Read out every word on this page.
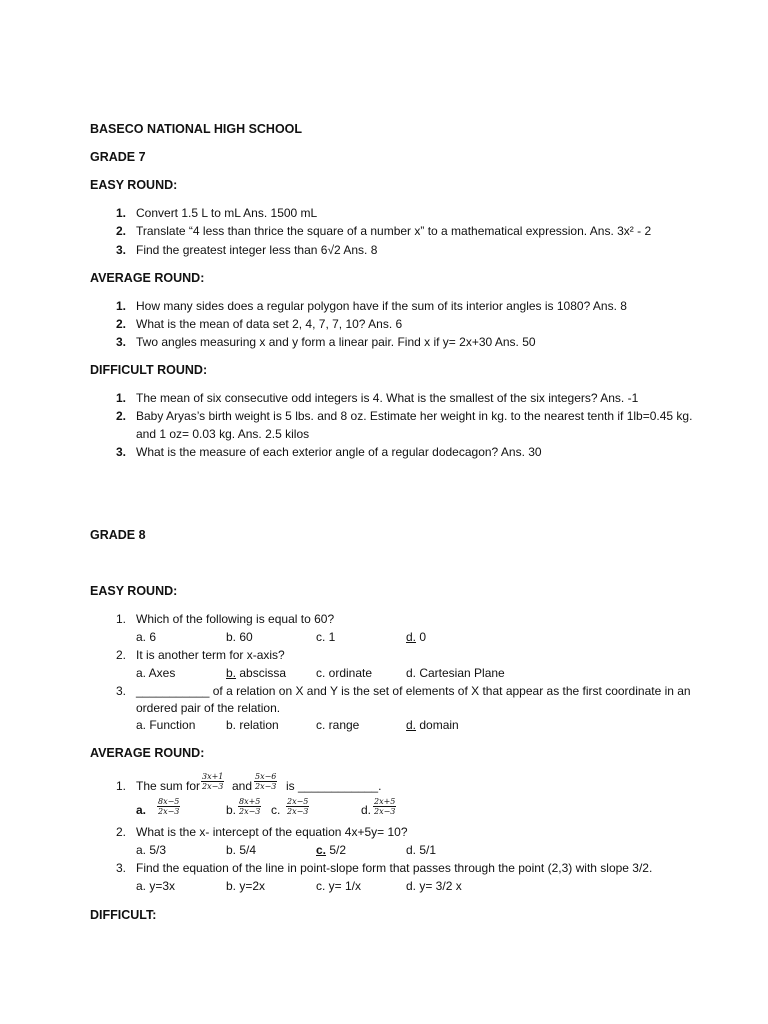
BASECO NATIONAL HIGH SCHOOL
GRADE 7
EASY ROUND:
1. Convert 1.5 L to mL Ans. 1500 mL
2. Translate “4 less than thrice the square of a number x” to a mathematical expression. Ans. 3x² - 2
3. Find the greatest integer less than 6√2 Ans. 8
AVERAGE ROUND:
1. How many sides does a regular polygon have if the sum of its interior angles is 1080? Ans. 8
2. What is the mean of data set 2, 4, 7, 7, 10? Ans. 6
3. Two angles measuring x and y form a linear pair. Find x if y= 2x+30 Ans. 50
DIFFICULT ROUND:
1. The mean of six consecutive odd integers is 4. What is the smallest of the six integers? Ans. -1
2. Baby Aryas’s birth weight is 5 lbs. and 8 oz. Estimate her weight in kg. to the nearest tenth if 1lb=0.45 kg.
and 1 oz= 0.03 kg. Ans. 2.5 kilos
3. What is the measure of each exterior angle of a regular dodecagon? Ans. 30
GRADE 8
EASY ROUND:
1. Which of the following is equal to 60?
a. 6	b. 60	c. 1	d. 0
2. It is another term for x-axis?
a. Axes	b. abscissa c. ordinate	d. Cartesian Plane
3. ___________ of a relation on X and Y is the set of elements of X that appear as the first coordinate in an
ordered pair of the relation.
a. Function	b. relation	c. range	d. domain
AVERAGE ROUND:
1. The sum for $\frac{3x+1}{2x-3}$ and $\frac{5x-6}{2x-3}$ is ____________.
a. $\frac{8x-5}{2x-3}$	b. $\frac{8x+5}{2x-3} c$. $\frac{2x-5}{2x-3}$	d. $\frac{2x+5}{2x-3}$
2. What is the x- intercept of the equation 4x+5y= 10?
a. 5/3	b. 5/4	c. 5/2	d. 5/1
3. Find the equation of the line in point-slope form that passes through the point (2,3) with slope 3/2.
a. y=3x	b. y=2x	c. y= 1/x	d. y= 3/2 x
DIFFICULT:
